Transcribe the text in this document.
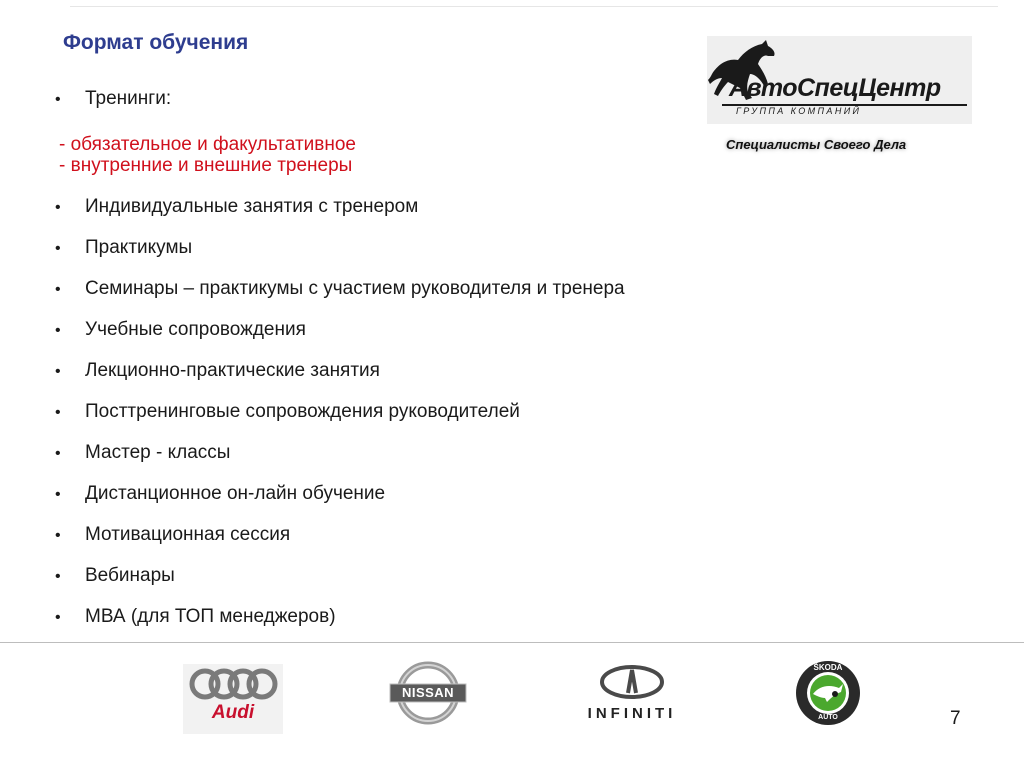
Формат обучения
• Тренинги:
- обязательное и факультативное
- внутренние и внешние тренеры
• Индивидуальные занятия с тренером
• Практикумы
• Семинары – практикумы с участием руководителя и тренера
• Учебные сопровождения
• Лекционно-практические занятия
• Посттренинговые сопровождения руководителей
• Мастер - классы
• Дистанционное он-лайн обучение
• Мотивационная сессия
• Вебинары
• МВА (для ТОП менеджеров)
АвтоСпецЦентр
ГРУППА КОМПАНИЙ
Специалисты Своего Дела
Audi
NISSAN
INFINITI
ŠKODA
AUTO	7
